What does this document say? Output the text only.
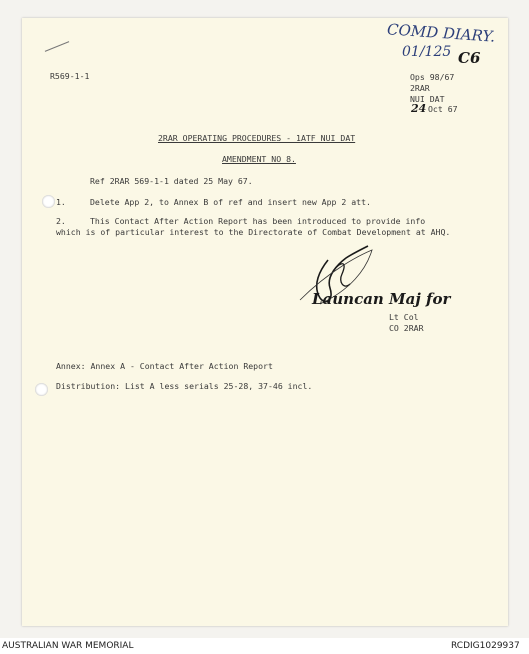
COMD DIARY.
01/125 C6
R569-1-1	Ops 98/67
2RAR
NUI DAT
24 Oct 67
2RAR OPERATING PROCEDURES - 1ATF NUI DAT
AMENDMENT NO 8.
Ref 2RAR 569-1-1 dated 25 May 67.
1.	Delete App 2, to Annex B of ref and insert new App 2 att.
2.	This Contact After Action Report has been introduced to provide info
which is of particular interest to the Directorate of Combat Development at AHQ.
Launcan Maj for
Lt Col
CO 2RAR
Annex: Annex A - Contact After Action Report
Distribution: List A less serials 25-28, 37-46 incl.
AUSTRALIAN WAR MEMORIAL	RCDIG1029937
